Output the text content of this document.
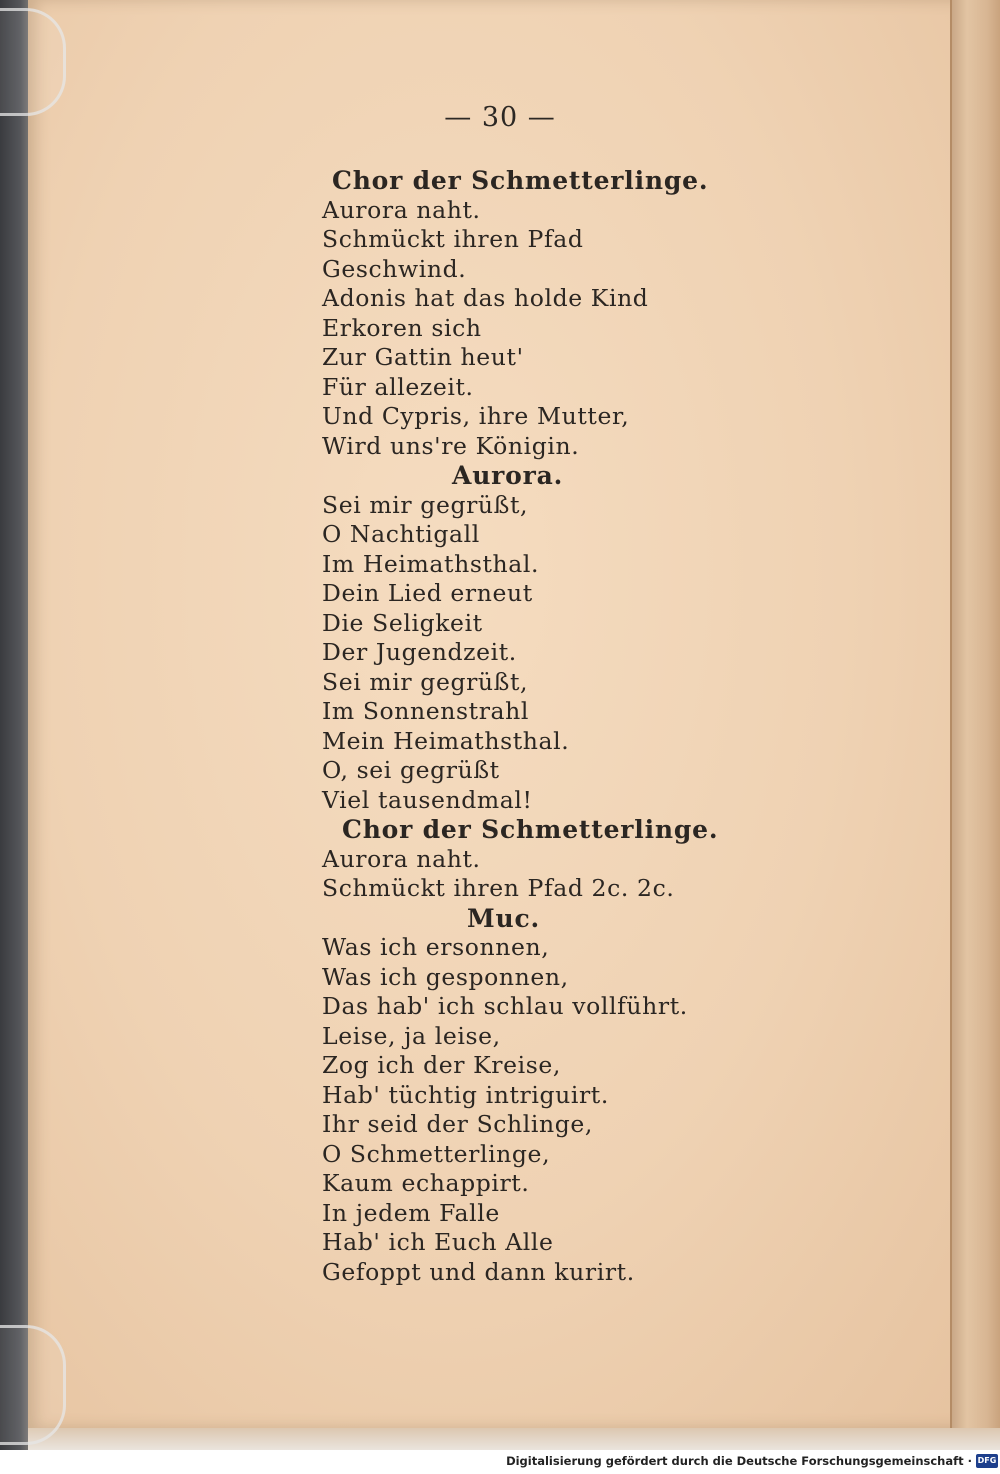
— 30 —
Chor der Schmetterlinge.
Aurora naht.
Schmückt ihren Pfad
Geschwind.
Adonis hat das holde Kind
Erkoren sich
Zur Gattin heut'
Für allezeit.
Und Cypris, ihre Mutter,
Wird uns're Königin.
Aurora.
Sei mir gegrüßt,
O Nachtigall
Im Heimathsthal.
Dein Lied erneut
Die Seligkeit
Der Jugendzeit.
Sei mir gegrüßt,
Im Sonnenstrahl
Mein Heimathsthal.
O, sei gegrüßt
Viel tausendmal!
Chor der Schmetterlinge.
Aurora naht.
Schmückt ihren Pfad 2c. 2c.
Muc.
Was ich ersonnen,
Was ich gesponnen,
Das hab' ich schlau vollführt.
Leise, ja leise,
Zog ich der Kreise,
Hab' tüchtig intriguirt.
Ihr seid der Schlinge,
O Schmetterlinge,
Kaum echappirt.
In jedem Falle
Hab' ich Euch Alle
Gefoppt und dann kurirt.
Digitalisierung gefördert durch die Deutsche Forschungsgemeinschaft · DFG
